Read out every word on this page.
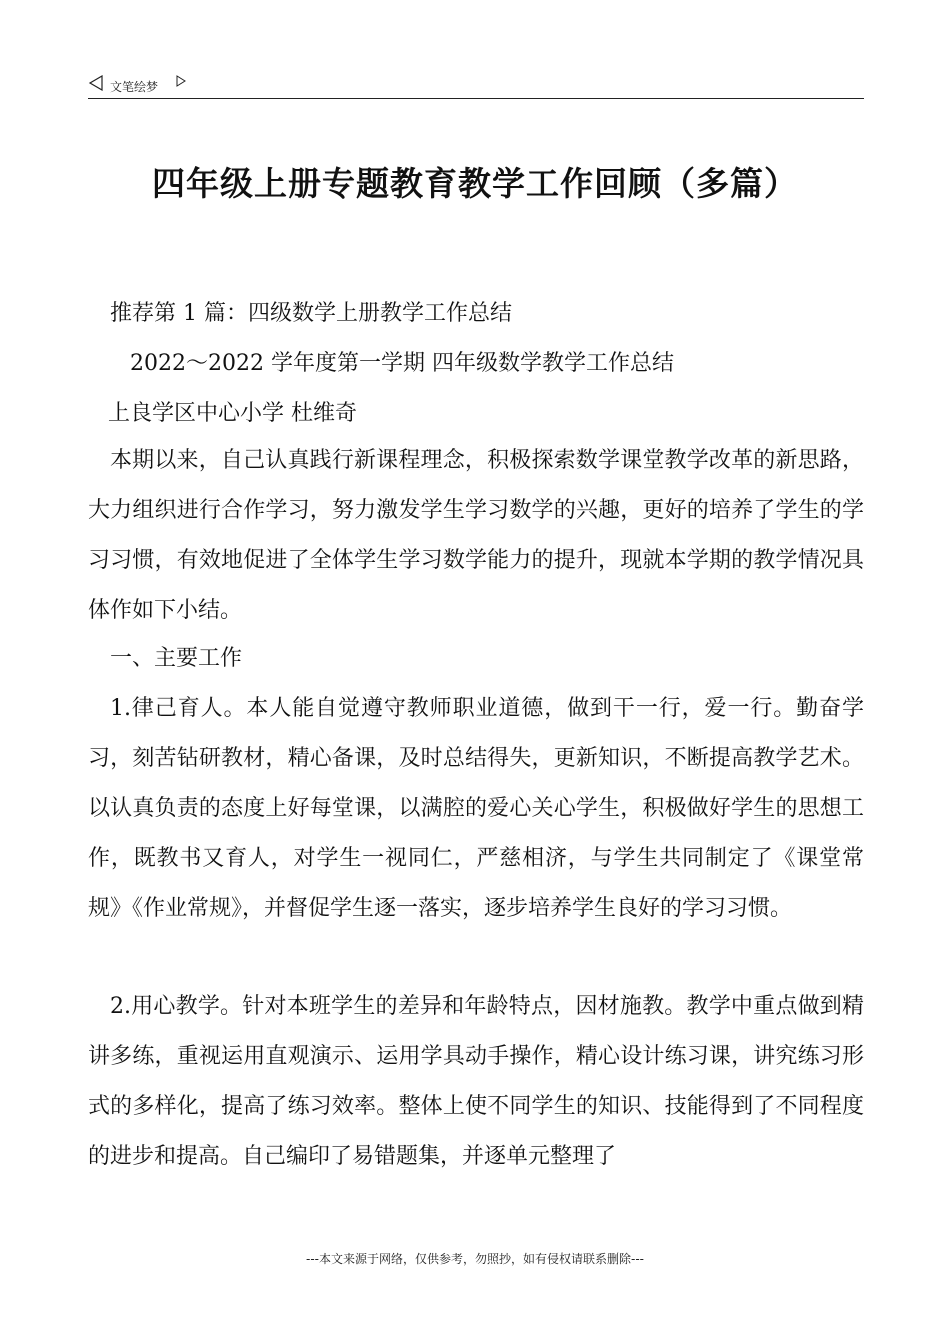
文笔绘梦
四年级上册专题教育教学工作回顾（多篇）
推荐第 1 篇：四级数学上册教学工作总结
2022～2022 学年度第一学期 四年级数学教学工作总结
上良学区中心小学 杜维奇

本期以来，自己认真践行新课程理念，积极探索数学课堂教学改革的新思路，大力组织进行合作学习，努力激发学生学习数学的兴趣，更好的培养了学生的学习习惯，有效地促进了全体学生学习数学能力的提升，现就本学期的教学情况具体作如下小结。

一、主要工作

1.律己育人。本人能自觉遵守教师职业道德，做到干一行，爱一行。勤奋学习，刻苦钻研教材，精心备课，及时总结得失，更新知识，不断提高教学艺术。以认真负责的态度上好每堂课，以满腔的爱心关心学生，积极做好学生的思想工作，既教书又育人，对学生一视同仁，严慈相济，与学生共同制定了《课堂常规》《作业常规》，并督促学生逐一落实，逐步培养学生良好的学习习惯。

2.用心教学。针对本班学生的差异和年龄特点，因材施教。教学中重点做到精讲多练，重视运用直观演示、运用学具动手操作，精心设计练习课，讲究练习形式的多样化，提高了练习效率。整体上使不同学生的知识、技能得到了不同程度的进步和提高。自己编印了易错题集，并逐单元整理了

---本文来源于网络，仅供参考，勿照抄，如有侵权请联系删除---
